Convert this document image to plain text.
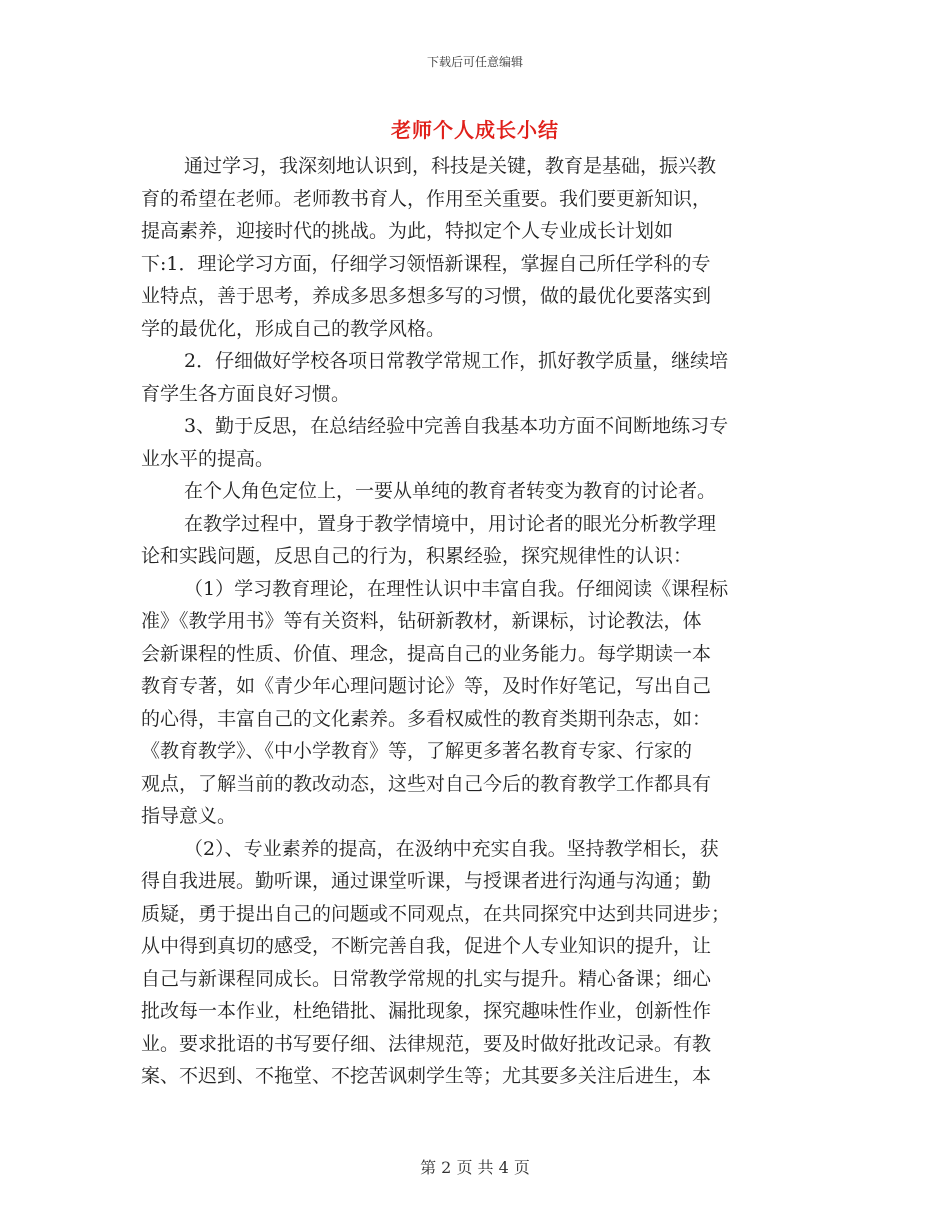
下载后可任意编辑
老师个人成长小结
通过学习，我深刻地认识到，科技是关键，教育是基础，振兴教
育的希望在老师。老师教书育人，作用至关重要。我们要更新知识，
提高素养，迎接时代的挑战。为此，特拟定个人专业成长计划如
下:1．理论学习方面，仔细学习领悟新课程，掌握自己所任学科的专
业特点，善于思考，养成多思多想多写的习惯，做的最优化要落实到
学的最优化，形成自己的教学风格。
2．仔细做好学校各项日常教学常规工作，抓好教学质量，继续培
育学生各方面良好习惯。
3、勤于反思，在总结经验中完善自我基本功方面不间断地练习专
业水平的提高。
在个人角色定位上，一要从单纯的教育者转变为教育的讨论者。
在教学过程中，置身于教学情境中，用讨论者的眼光分析教学理
论和实践问题，反思自己的行为，积累经验，探究规律性的认识：
（1）学习教育理论，在理性认识中丰富自我。仔细阅读《课程标
准》《教学用书》等有关资料，钻研新教材，新课标，讨论教法，体
会新课程的性质、价值、理念，提高自己的业务能力。每学期读一本
教育专著，如《青少年心理问题讨论》等，及时作好笔记，写出自己
的心得，丰富自己的文化素养。多看权威性的教育类期刊杂志，如：
《教育教学》、《中小学教育》等，了解更多著名教育专家、行家的
观点，了解当前的教改动态，这些对自己今后的教育教学工作都具有
指导意义。
（2）、专业素养的提高，在汲纳中充实自我。坚持教学相长，获
得自我进展。勤听课，通过课堂听课，与授课者进行沟通与沟通；勤
质疑，勇于提出自己的问题或不同观点，在共同探究中达到共同进步；
从中得到真切的感受，不断完善自我，促进个人专业知识的提升，让
自己与新课程同成长。日常教学常规的扎实与提升。精心备课；细心
批改每一本作业，杜绝错批、漏批现象，探究趣味性作业，创新性作
业。要求批语的书写要仔细、法律规范，要及时做好批改记录。有教
案、不迟到、不拖堂、不挖苦讽刺学生等；尤其要多关注后进生，本
第 2 页 共 4 页
